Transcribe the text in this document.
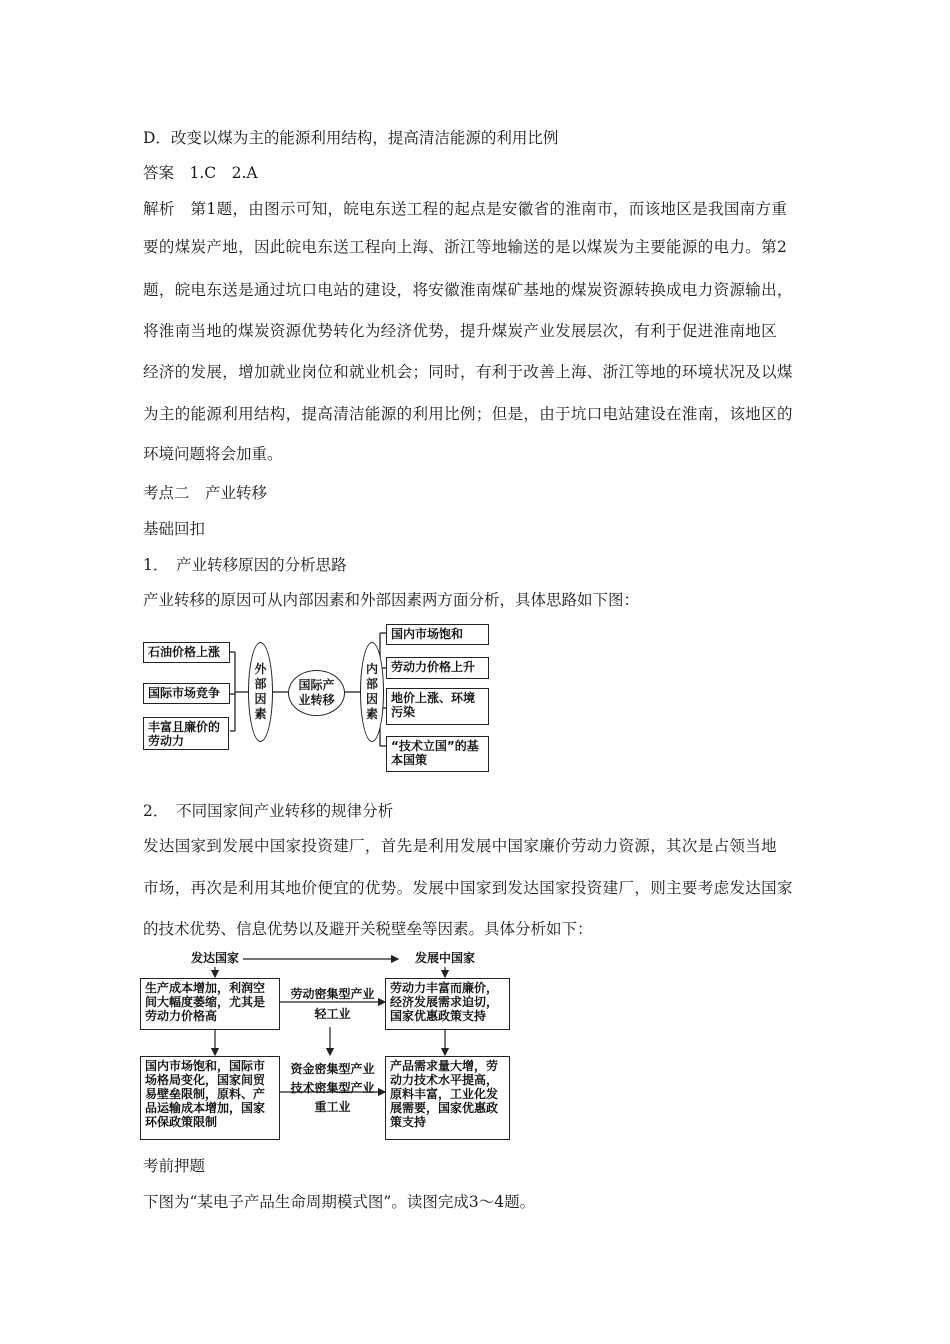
D．改变以煤为主的能源利用结构，提高清洁能源的利用比例
答案　1.C　2.A
解析　第1题，由图示可知，皖电东送工程的起点是安徽省的淮南市，而该地区是我国南方重
要的煤炭产地，因此皖电东送工程向上海、浙江等地输送的是以煤炭为主要能源的电力。第2
题，皖电东送是通过坑口电站的建设，将安徽淮南煤矿基地的煤炭资源转换成电力资源输出，
将淮南当地的煤炭资源优势转化为经济优势，提升煤炭产业发展层次，有利于促进淮南地区
经济的发展，增加就业岗位和就业机会；同时，有利于改善上海、浙江等地的环境状况及以煤
为主的能源利用结构，提高清洁能源的利用比例；但是，由于坑口电站建设在淮南，该地区的
环境问题将会加重。
考点二　产业转移
基础回扣
1．　产业转移原因的分析思路
产业转移的原因可从内部因素和外部因素两方面分析，具体思路如下图：
石油价格上涨
国际市场竞争
丰富且廉价的劳动力
外部因素
国际产业转移
内部因素
国内市场饱和
劳动力价格上升
地价上涨、环境污染
“技术立国”的基本国策
2．　不同国家间产业转移的规律分析
发达国家到发展中国家投资建厂，首先是利用发展中国家廉价劳动力资源，其次是占领当地
市场，再次是利用其地价便宜的优势。发展中国家到发达国家投资建厂，则主要考虑发达国家
的技术优势、信息优势以及避开关税壁垒等因素。具体分析如下：
发达国家	发展中国家
生产成本增加，利润空间大幅度萎缩，尤其是劳动力价格高
劳动密集型产业
轻工业
劳动力丰富而廉价，经济发展需求迫切，国家优惠政策支持
国内市场饱和，国际市场格局变化，国家间贸易壁垒限制，原料、产品运输成本增加，国家环保政策限制
资金密集型产业
技术密集型产业
重工业
产品需求量大增，劳动力技术水平提高，原料丰富，工业化发展需要，国家优惠政策支持
考前押题
下图为“某电子产品生命周期模式图”。读图完成3～4题。
